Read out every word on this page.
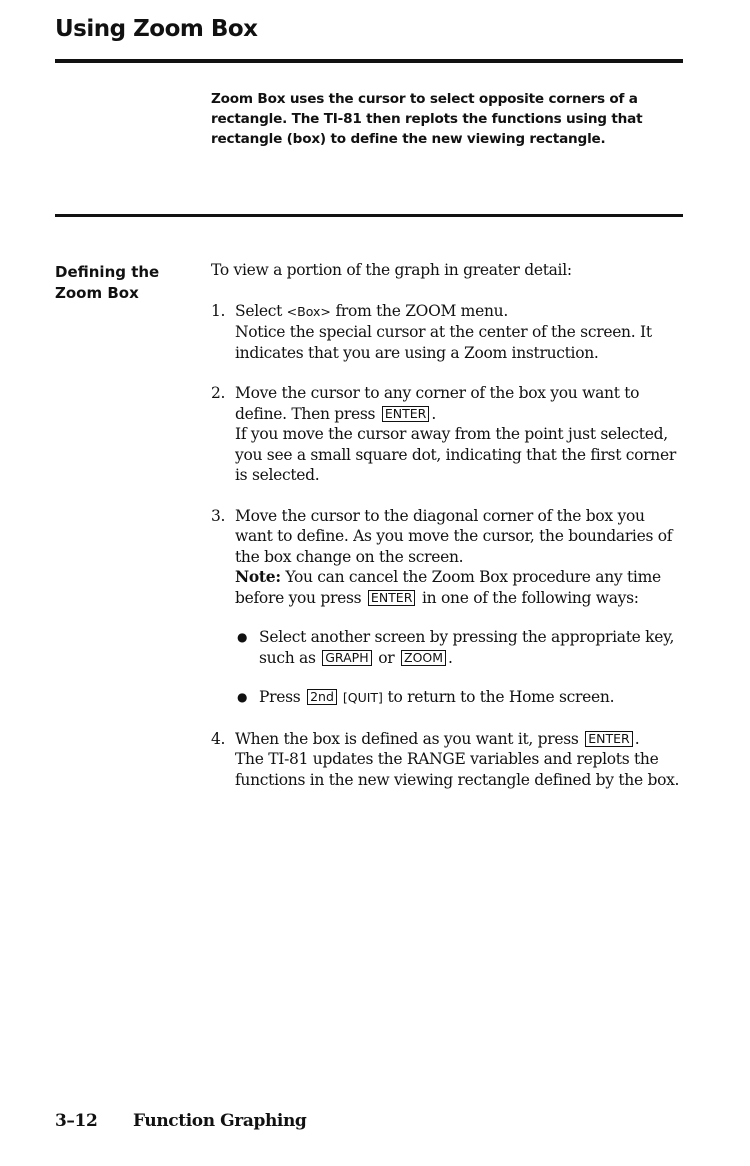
Using Zoom Box

Zoom Box uses the cursor to select opposite corners of a rectangle. The TI-81 then replots the functions using that rectangle (box) to define the new viewing rectangle.

Defining the Zoom Box

To view a portion of the graph in greater detail:

1. Select <Box> from the ZOOM menu.

Notice the special cursor at the center of the screen. It indicates that you are using a Zoom instruction.

2. Move the cursor to any corner of the box you want to define. Then press ENTER .

If you move the cursor away from the point just selected, you see a small square dot, indicating that the first corner is selected.

3. Move the cursor to the diagonal corner of the box you want to define. As you move the cursor, the boundaries of the box change on the screen.

Note: You can cancel the Zoom Box procedure any time before you press ENTER in one of the following ways:

● Select another screen by pressing the appropriate key, such as GRAPH or ZOOM .

● Press 2nd [QUIT] to return to the Home screen.

4. When the box is defined as you want it, press ENTER .

The TI-81 updates the RANGE variables and replots the functions in the new viewing rectangle defined by the box.

3–12 Function Graphing
